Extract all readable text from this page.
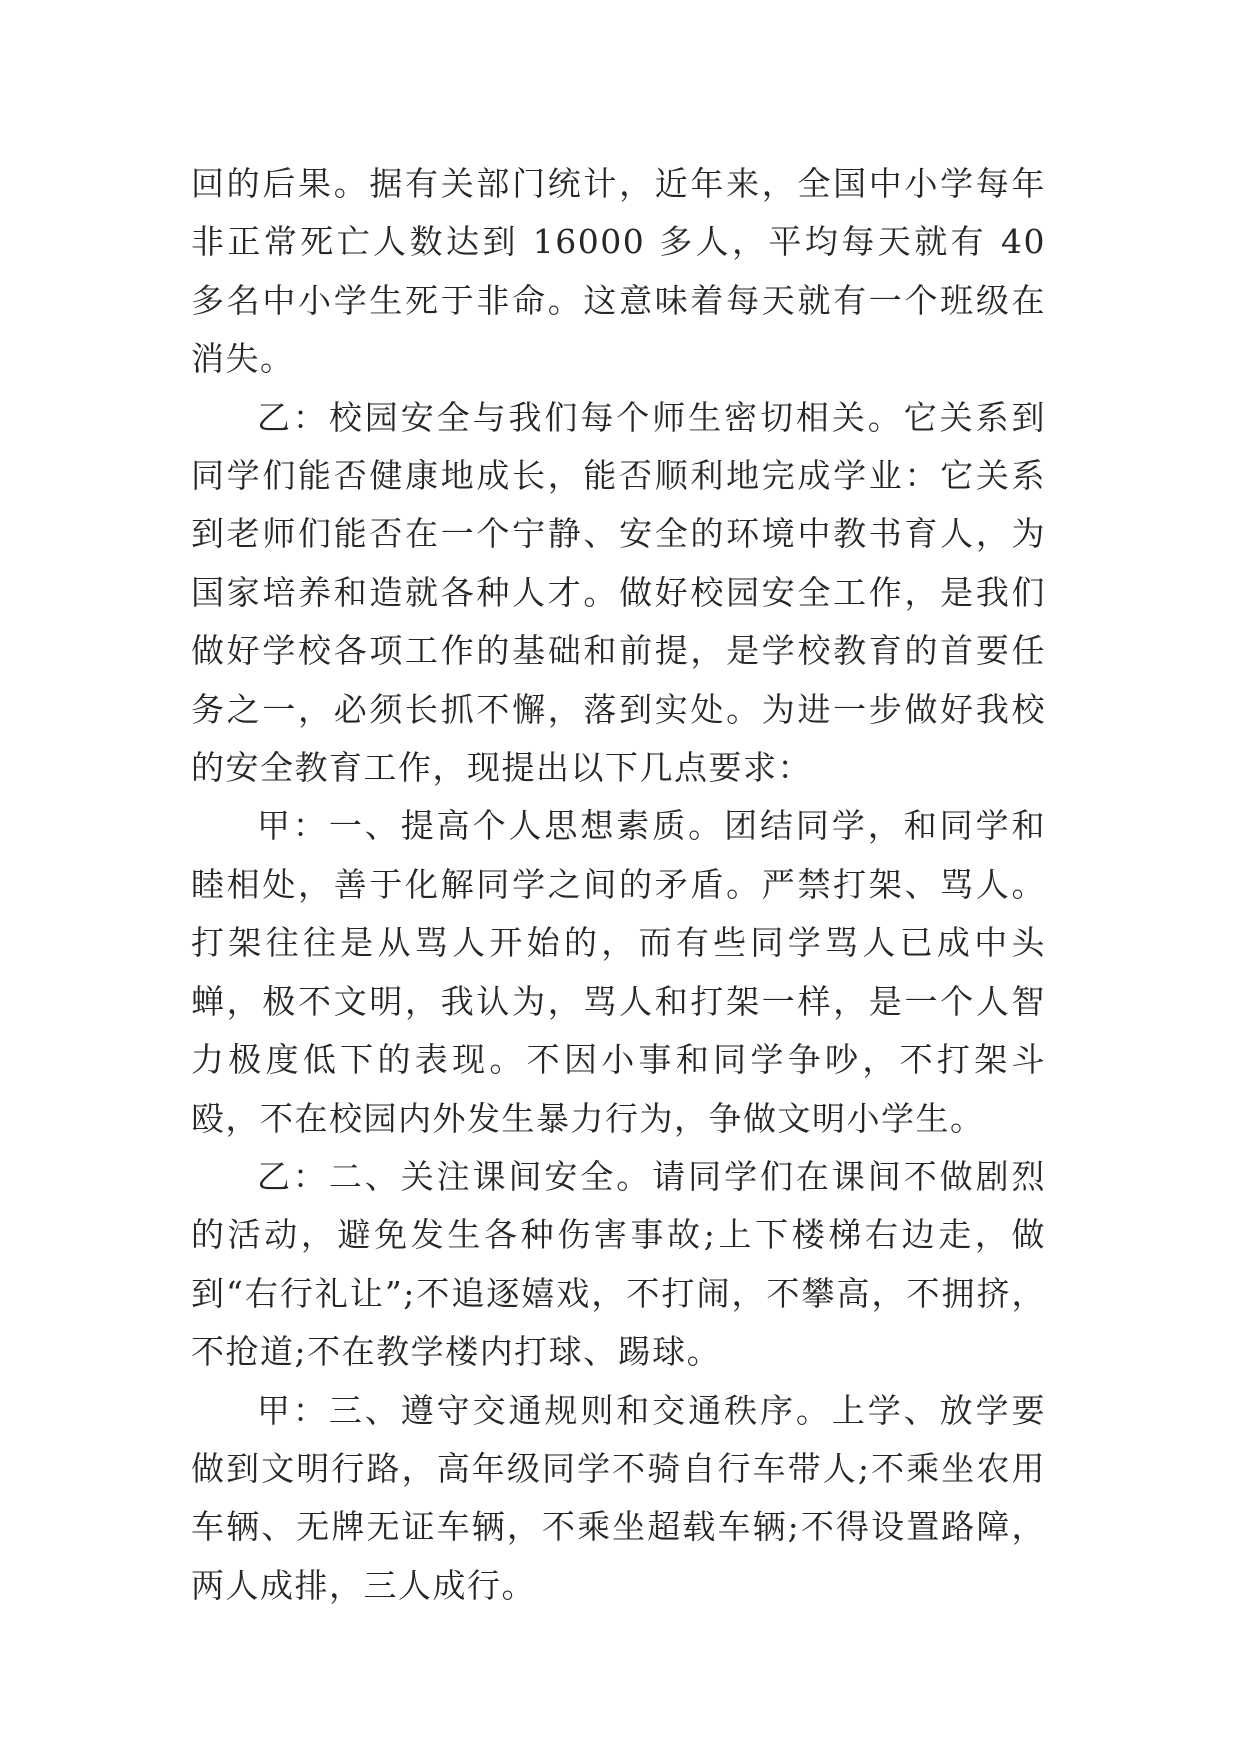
回的后果。据有关部门统计，近年来，全国中小学每年非正常死亡人数达到 16000 多人，平均每天就有 40 多名中小学生死于非命。这意味着每天就有一个班级在消失。

乙：校园安全与我们每个师生密切相关。它关系到同学们能否健康地成长，能否顺利地完成学业：它关系到老师们能否在一个宁静、安全的环境中教书育人，为国家培养和造就各种人才。做好校园安全工作，是我们做好学校各项工作的基础和前提，是学校教育的首要任务之一，必须长抓不懈，落到实处。为进一步做好我校的安全教育工作，现提出以下几点要求：

甲：一、提高个人思想素质。团结同学，和同学和睦相处，善于化解同学之间的矛盾。严禁打架、骂人。打架往往是从骂人开始的，而有些同学骂人已成中头蝉，极不文明，我认为，骂人和打架一样，是一个人智力极度低下的表现。不因小事和同学争吵，不打架斗殴，不在校园内外发生暴力行为，争做文明小学生。

乙：二、关注课间安全。请同学们在课间不做剧烈的活动，避免发生各种伤害事故;上下楼梯右边走，做到“右行礼让”;不追逐嬉戏，不打闹，不攀高，不拥挤，不抢道;不在教学楼内打球、踢球。

甲：三、遵守交通规则和交通秩序。上学、放学要做到文明行路，高年级同学不骑自行车带人;不乘坐农用车辆、无牌无证车辆，不乘坐超载车辆;不得设置路障，两人成排，三人成行。
